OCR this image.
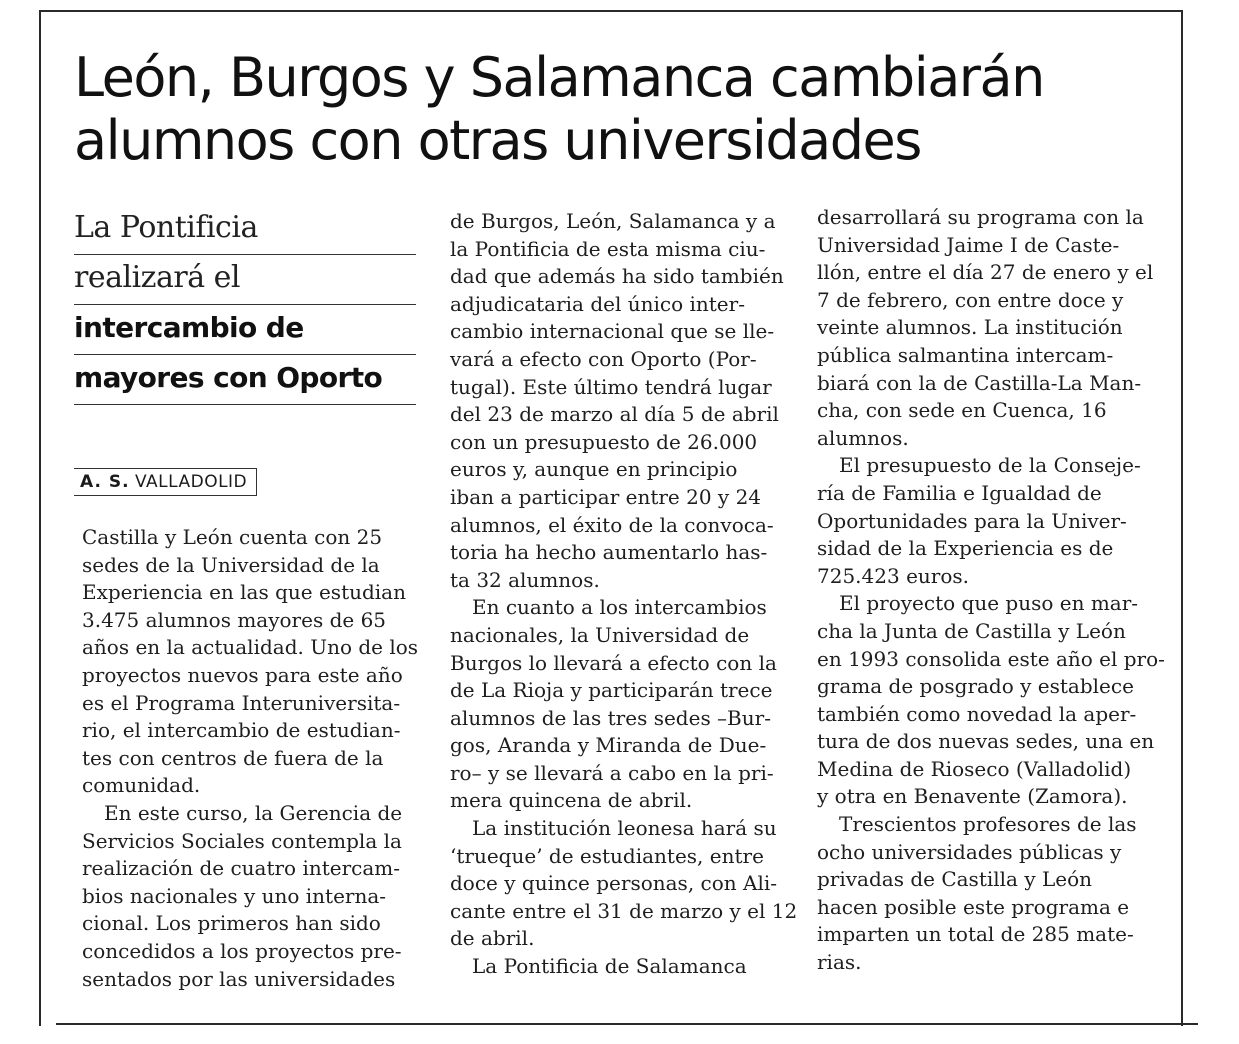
León, Burgos y Salamanca cambiarán
alumnos con otras universidades
La Pontificia
realizará el
intercambio de
mayores con Oporto
A. S. VALLADOLID
Castilla y León cuenta con 25
sedes de la Universidad de la
Experiencia en las que estudian
3.475 alumnos mayores de 65
años en la actualidad. Uno de los
proyectos nuevos para este año
es el Programa Interuniversita-
rio, el intercambio de estudian-
tes con centros de fuera de la
comunidad.
En este curso, la Gerencia de
Servicios Sociales contempla la
realización de cuatro intercam-
bios nacionales y uno interna-
cional. Los primeros han sido
concedidos a los proyectos pre-
sentados por las universidades
de Burgos, León, Salamanca y a
la Pontificia de esta misma ciu-
dad que además ha sido también
adjudicataria del único inter-
cambio internacional que se lle-
vará a efecto con Oporto (Por-
tugal). Este último tendrá lugar
del 23 de marzo al día 5 de abril
con un presupuesto de 26.000
euros y, aunque en principio
iban a participar entre 20 y 24
alumnos, el éxito de la convoca-
toria ha hecho aumentarlo has-
ta 32 alumnos.
En cuanto a los intercambios
nacionales, la Universidad de
Burgos lo llevará a efecto con la
de La Rioja y participarán trece
alumnos de las tres sedes –Bur-
gos, Aranda y Miranda de Due-
ro– y se llevará a cabo en la pri-
mera quincena de abril.
La institución leonesa hará su
‘trueque’ de estudiantes, entre
doce y quince personas, con Ali-
cante entre el 31 de marzo y el 12
de abril.
La Pontificia de Salamanca
desarrollará su programa con la
Universidad Jaime I de Caste-
llón, entre el día 27 de enero y el
7 de febrero, con entre doce y
veinte alumnos. La institución
pública salmantina intercam-
biará con la de Castilla-La Man-
cha, con sede en Cuenca, 16
alumnos.
El presupuesto de la Conseje-
ría de Familia e Igualdad de
Oportunidades para la Univer-
sidad de la Experiencia es de
725.423 euros.
El proyecto que puso en mar-
cha la Junta de Castilla y León
en 1993 consolida este año el pro-
grama de posgrado y establece
también como novedad la aper-
tura de dos nuevas sedes, una en
Medina de Rioseco (Valladolid)
y otra en Benavente (Zamora).
Trescientos profesores de las
ocho universidades públicas y
privadas de Castilla y León
hacen posible este programa e
imparten un total de 285 mate-
rias.
